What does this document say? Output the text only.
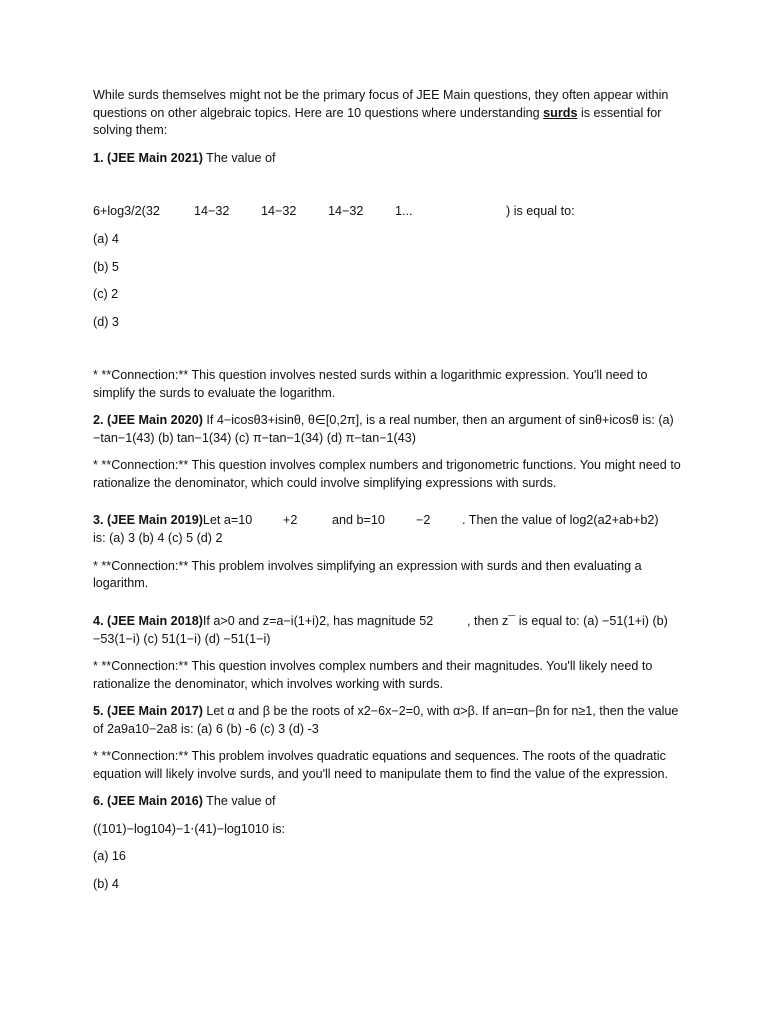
While surds themselves might not be the primary focus of JEE Main questions, they often appear within questions on other algebraic topics. Here are 10 questions where understanding surds is essential for solving them:

1. (JEE Main 2021) The value of

6+log3/2(32	14−32	14−32	14−32	1...	) is equal to:

(a) 4

(b) 5

(c) 2

(d) 3

* **Connection:** This question involves nested surds within a logarithmic expression. You'll need to simplify the surds to evaluate the logarithm.

2. (JEE Main 2020) If 4−icosθ3+isinθ, θ∈[0,2π], is a real number, then an argument of sinθ+icosθ is: (a) −tan−1(43) (b) tan−1(34) (c) π−tan−1(34) (d) π−tan−1(43)

* **Connection:** This question involves complex numbers and trigonometric functions. You might need to rationalize the denominator, which could involve simplifying expressions with surds.

3. (JEE Main 2019) Let a=10 +2	and b=10 −2	. Then the value of log2(a2+ab+b2)

is: (a) 3 (b) 4 (c) 5 (d) 2

* **Connection:** This problem involves simplifying an expression with surds and then evaluating a logarithm.

4. (JEE Main 2018) If a>0 and z=a−i(1+i)2, has magnitude 52	, then z¯ is equal to: (a) −51(1+i) (b)

−53(1−i) (c) 51(1−i) (d) −51(1−i)

* **Connection:** This question involves complex numbers and their magnitudes. You'll likely need to rationalize the denominator, which involves working with surds.

5. (JEE Main 2017) Let α and β be the roots of x2−6x−2=0, with α>β. If an=αn−βn for n≥1, then the value of 2a9a10−2a8 is: (a) 6 (b) -6 (c) 3 (d) -3

* **Connection:** This problem involves quadratic equations and sequences. The roots of the quadratic equation will likely involve surds, and you'll need to manipulate them to find the value of the expression.

6. (JEE Main 2016) The value of

((101)−log104)−1⋅(41)−log1010 is:

(a) 16

(b) 4
